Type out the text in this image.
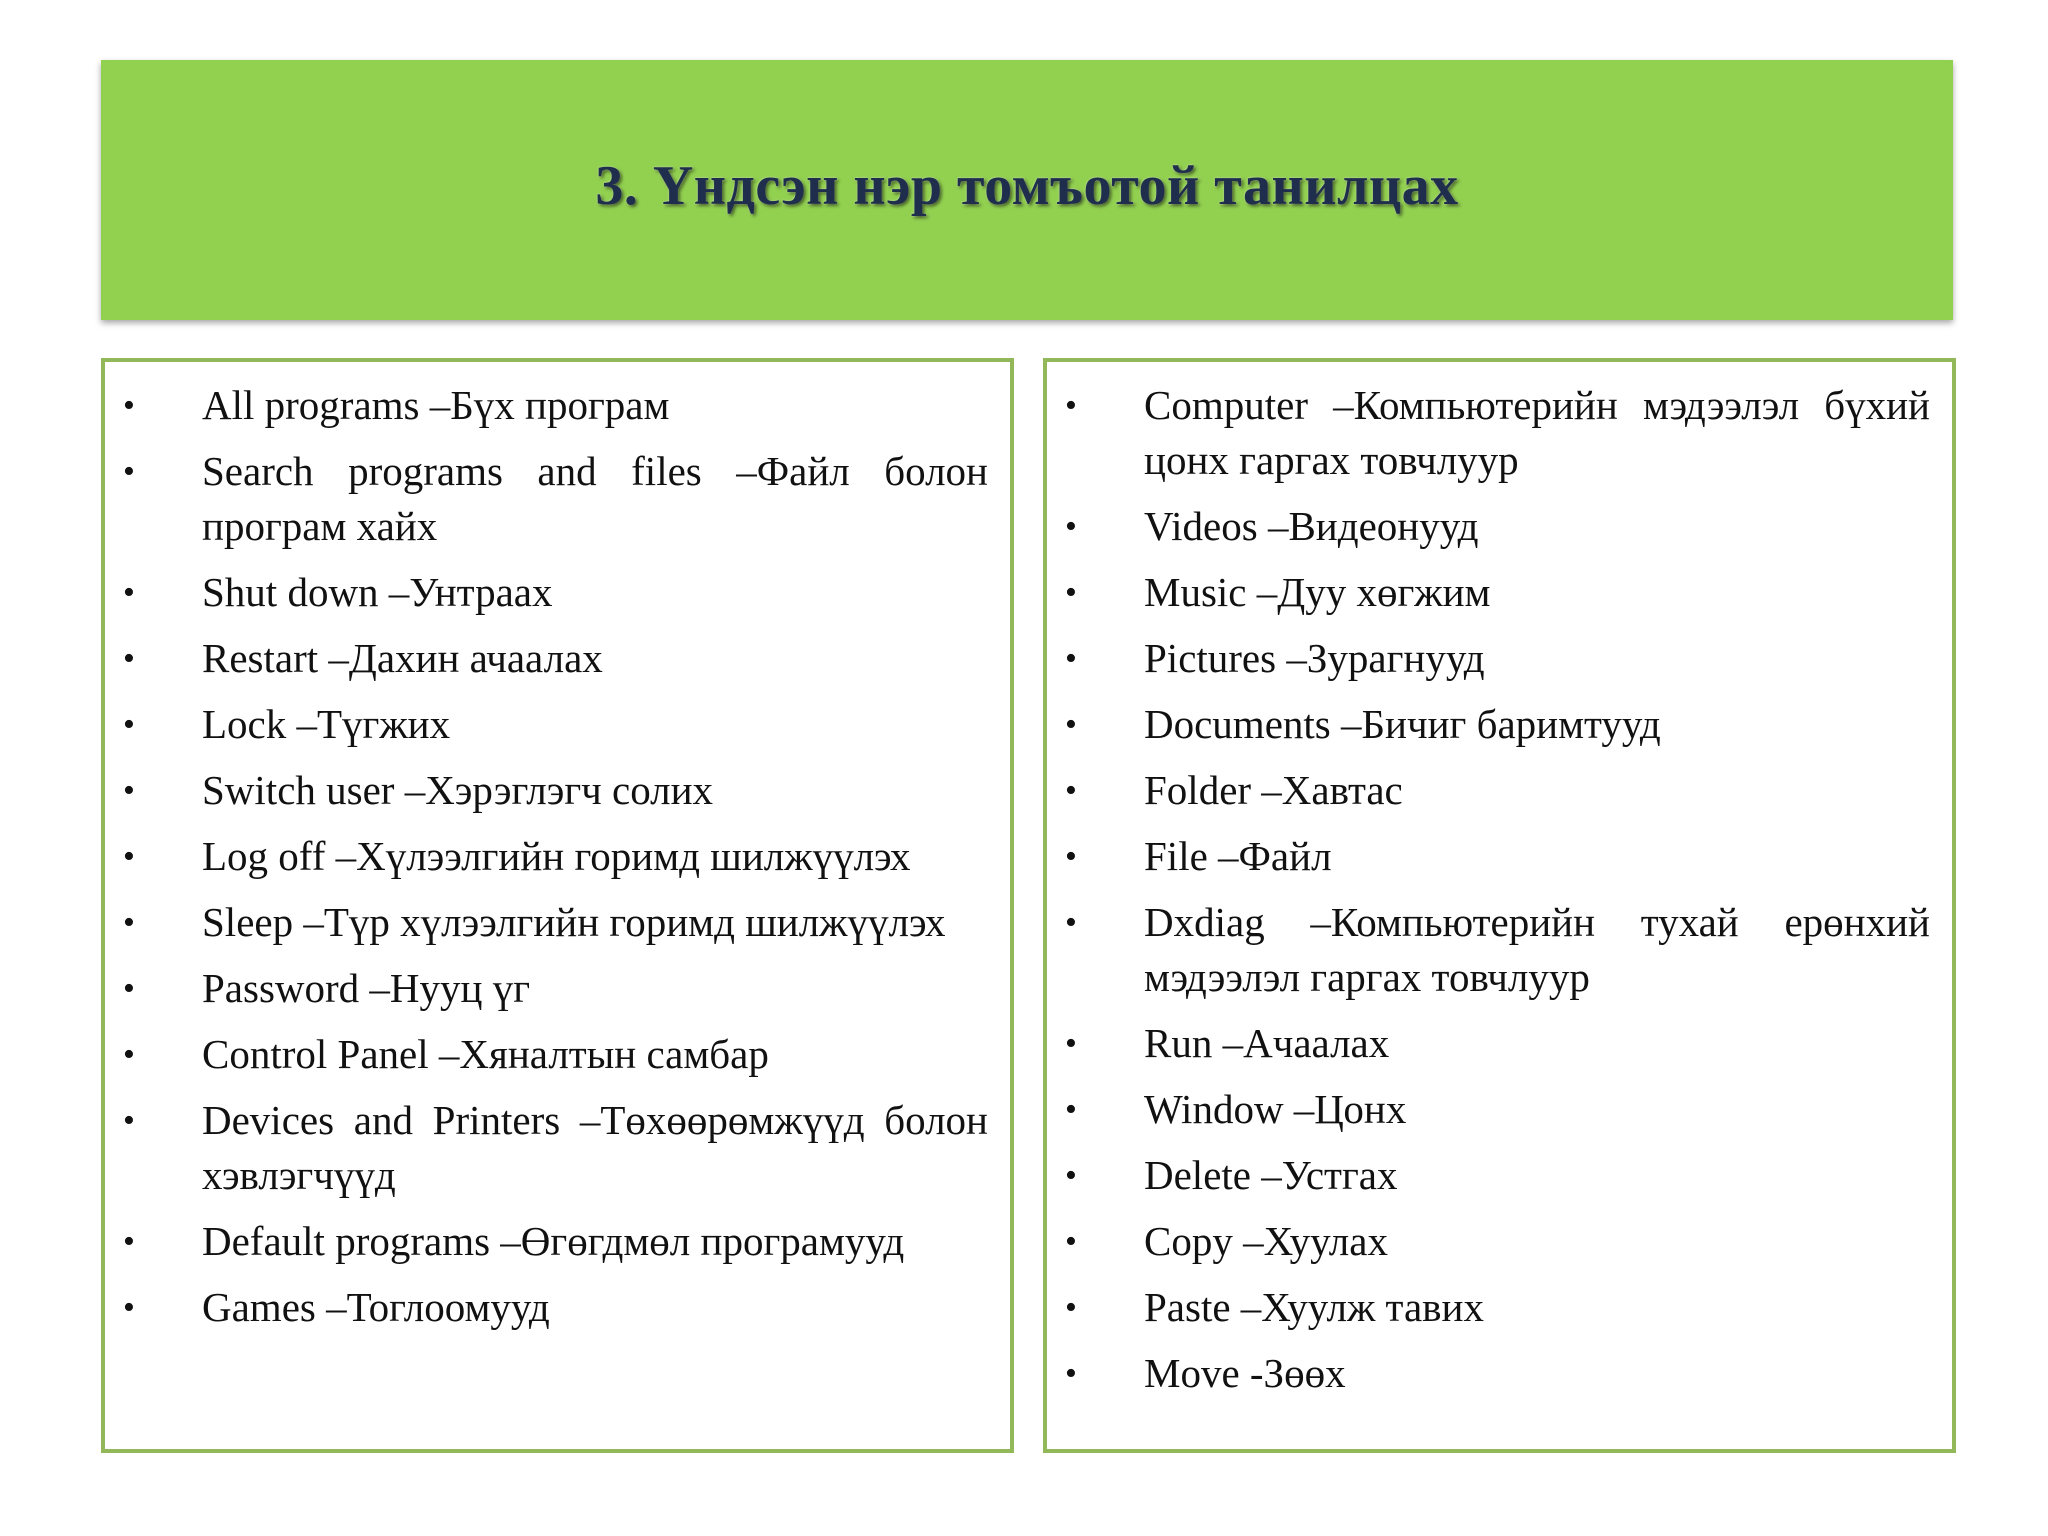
3. Үндсэн нэр томъотой танилцах
• All programs –Бүх програм
• Search programs and files –Файл болон програм хайх
• Shut down –Унтраах
• Restart –Дахин ачаалах
• Lock –Түгжих
• Switch user –Хэрэглэгч солих
• Log off –Хүлээлгийн горимд шилжүүлэх
• Sleep –Түр хүлээлгийн горимд шилжүүлэх
• Password –Нууц үг
• Control Panel –Хяналтын самбар
• Devices and Printers –Төхөөрөмжүүд болон хэвлэгчүүд
• Default programs –Өгөгдмөл програмууд
• Games –Тоглоомууд
• Computer –Компьютерийн мэдээлэл бүхий цонх гаргах товчлуур
• Videos –Видеонууд
• Music –Дуу хөгжим
• Pictures –Зурагнууд
• Documents –Бичиг баримтууд
• Folder –Хавтас
• File –Файл
• Dxdiag –Компьютерийн тухай ерөнхий мэдээлэл гаргах товчлуур
• Run –Ачаалах
• Window –Цонх
• Delete –Устгах
• Copy –Хуулах
• Paste –Хуулж тавих
• Move -Зөөх
